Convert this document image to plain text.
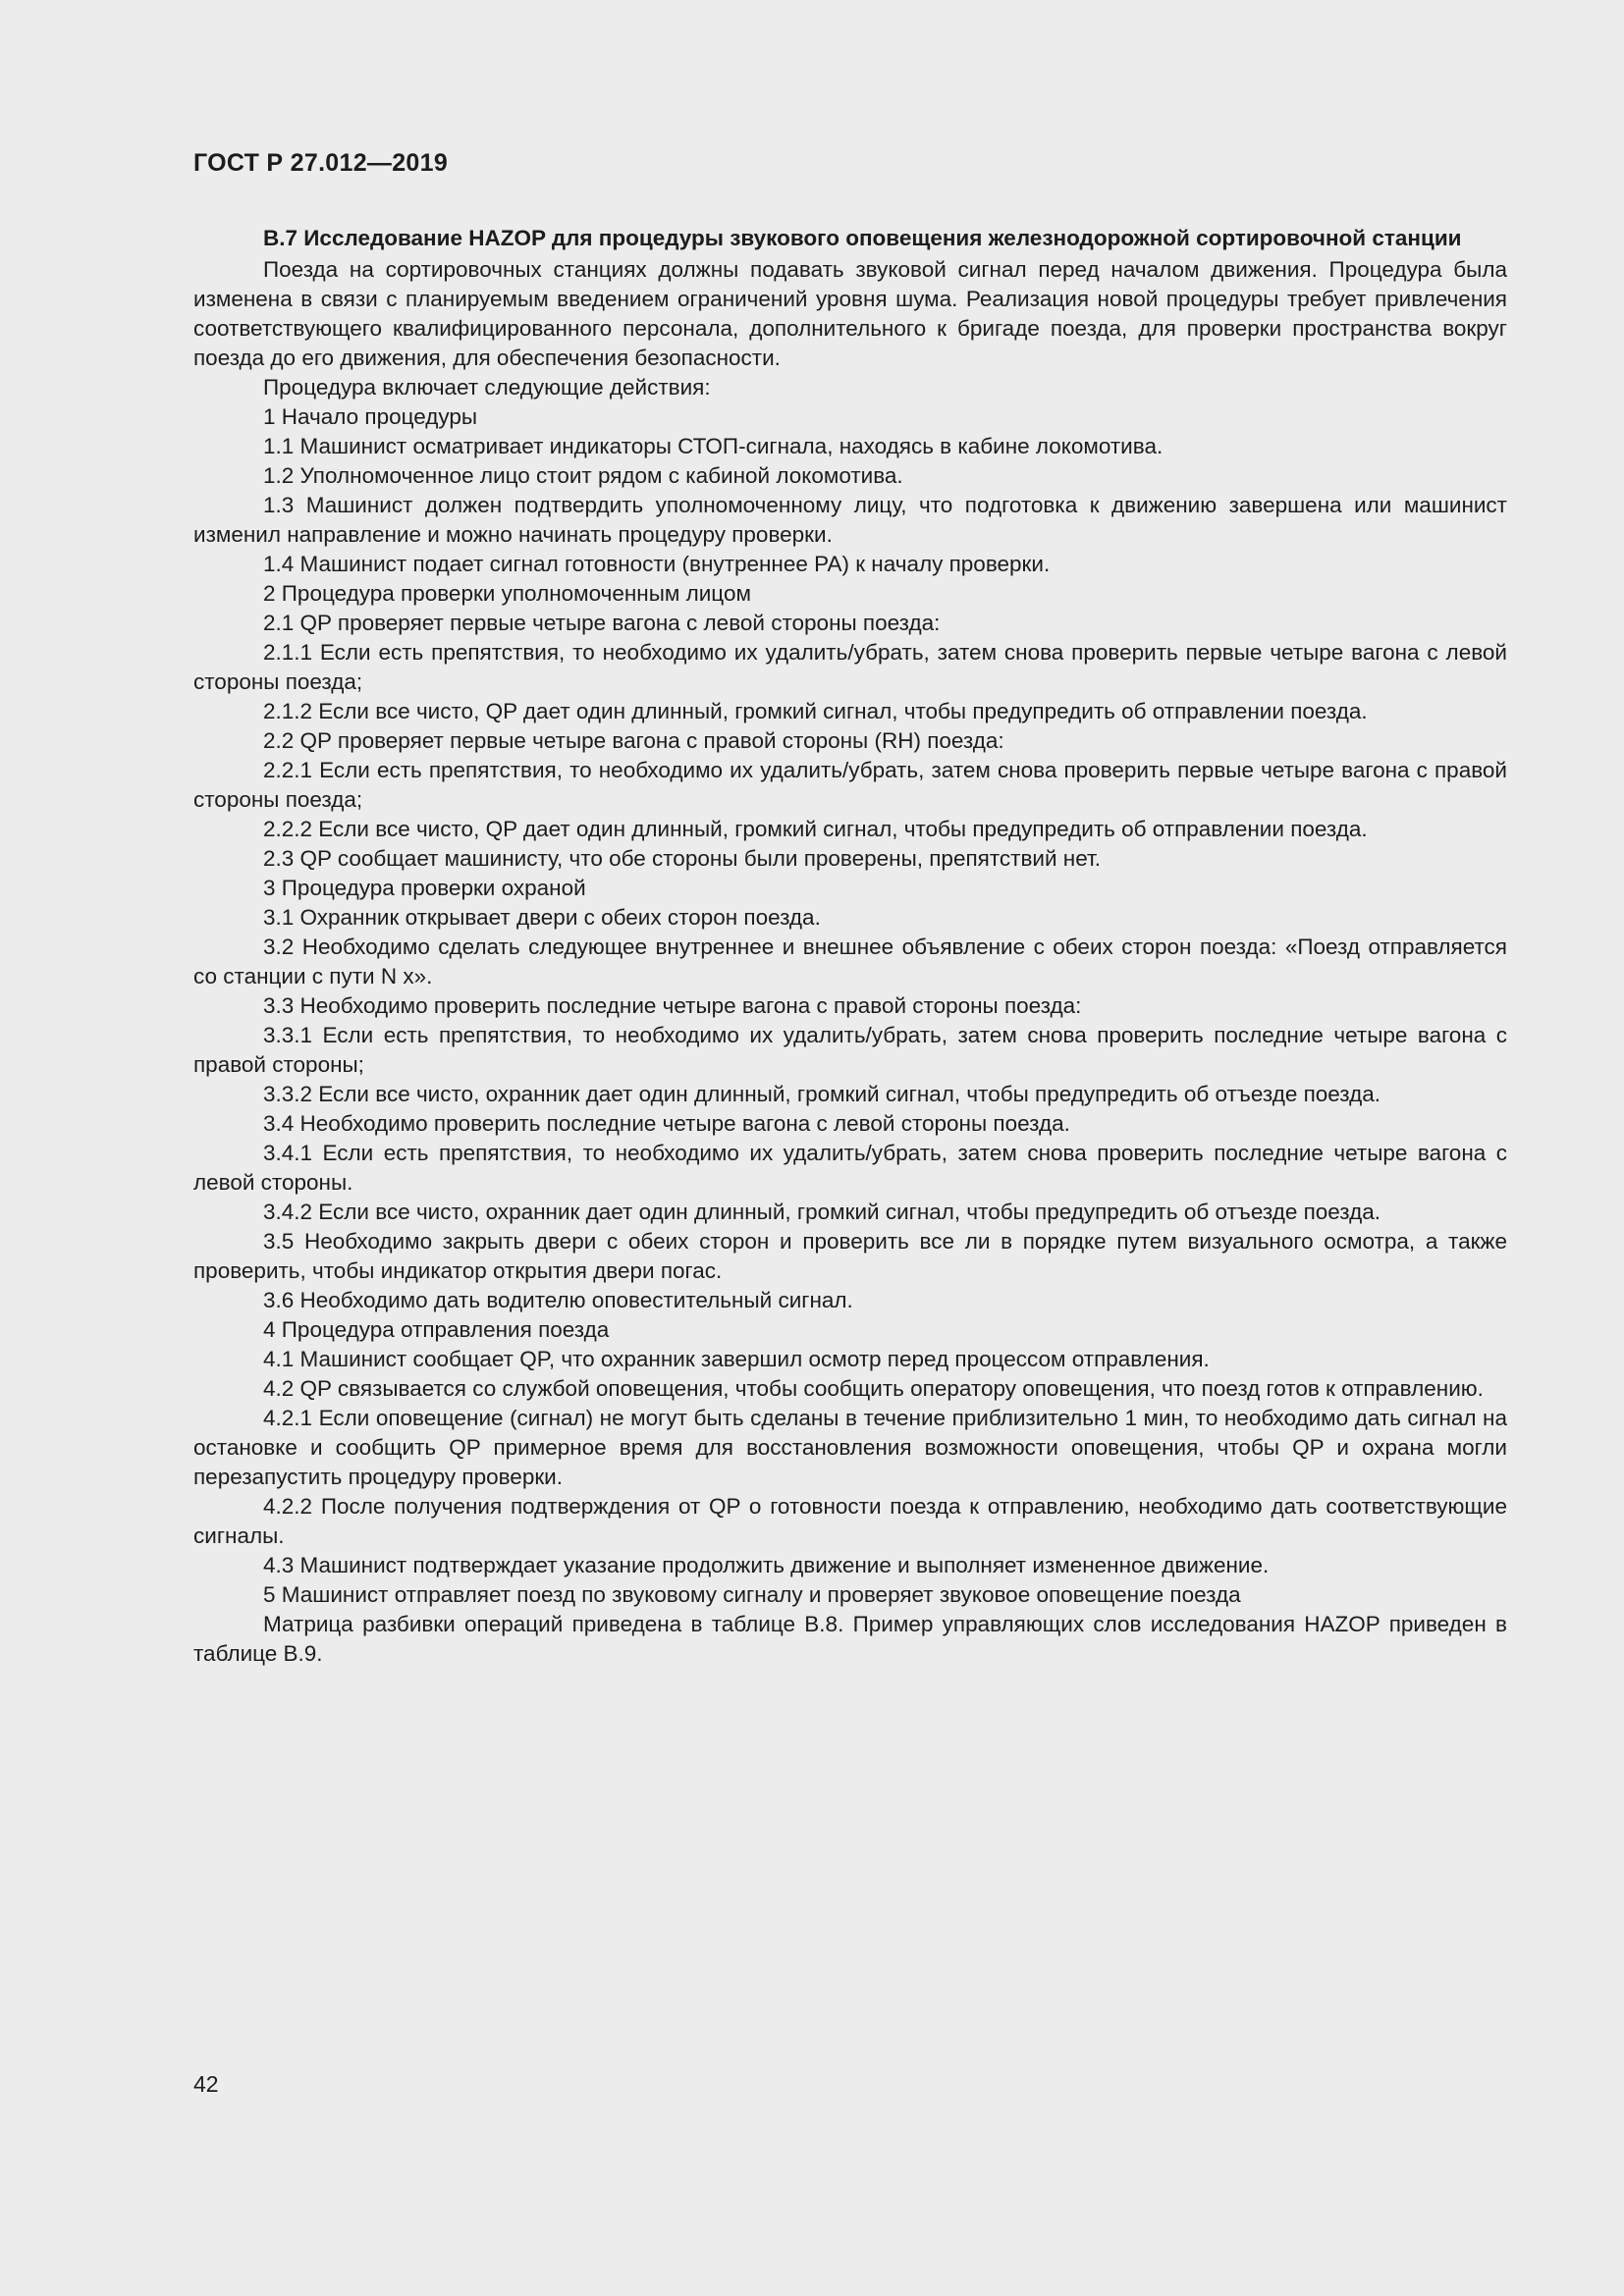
ГОСТ Р 27.012—2019
B.7 Исследование HAZOP для процедуры звукового оповещения железнодорожной сортировочной станции

Поезда на сортировочных станциях должны подавать звуковой сигнал перед началом движения. Процедура была изменена в связи с планируемым введением ограничений уровня шума. Реализация новой процедуры требует привлечения соответствующего квалифицированного персонала, дополнительного к бригаде поезда, для проверки пространства вокруг поезда до его движения, для обеспечения безопасности.

Процедура включает следующие действия:

1 Начало процедуры

1.1 Машинист осматривает индикаторы СТОП-сигнала, находясь в кабине локомотива.

1.2 Уполномоченное лицо стоит рядом с кабиной локомотива.

1.3 Машинист должен подтвердить уполномоченному лицу, что подготовка к движению завершена или машинист изменил направление и можно начинать процедуру проверки.

1.4 Машинист подает сигнал готовности (внутреннее PA) к началу проверки.

2 Процедура проверки уполномоченным лицом

2.1 QP проверяет первые четыре вагона с левой стороны поезда:

2.1.1 Если есть препятствия, то необходимо их удалить/убрать, затем снова проверить первые четыре вагона с левой стороны поезда;

2.1.2 Если все чисто, QP дает один длинный, громкий сигнал, чтобы предупредить об отправлении поезда.

2.2 QP проверяет первые четыре вагона с правой стороны (RH) поезда:

2.2.1 Если есть препятствия, то необходимо их удалить/убрать, затем снова проверить первые четыре вагона с правой стороны поезда;

2.2.2 Если все чисто, QP дает один длинный, громкий сигнал, чтобы предупредить об отправлении поезда.

2.3 QP сообщает машинисту, что обе стороны были проверены, препятствий нет.

3 Процедура проверки охраной

3.1 Охранник открывает двери с обеих сторон поезда.

3.2 Необходимо сделать следующее внутреннее и внешнее объявление с обеих сторон поезда: «Поезд отправляется со станции с пути N x».

3.3 Необходимо проверить последние четыре вагона с правой стороны поезда:

3.3.1 Если есть препятствия, то необходимо их удалить/убрать, затем снова проверить последние четыре вагона с правой стороны;

3.3.2 Если все чисто, охранник дает один длинный, громкий сигнал, чтобы предупредить об отъезде поезда.

3.4 Необходимо проверить последние четыре вагона с левой стороны поезда.

3.4.1 Если есть препятствия, то необходимо их удалить/убрать, затем снова проверить последние четыре вагона с левой стороны.

3.4.2 Если все чисто, охранник дает один длинный, громкий сигнал, чтобы предупредить об отъезде поезда.

3.5 Необходимо закрыть двери с обеих сторон и проверить все ли в порядке путем визуального осмотра, а также проверить, чтобы индикатор открытия двери погас.

3.6 Необходимо дать водителю оповестительный сигнал.

4 Процедура отправления поезда

4.1 Машинист сообщает QP, что охранник завершил осмотр перед процессом отправления.

4.2 QP связывается со службой оповещения, чтобы сообщить оператору оповещения, что поезд готов к отправлению.

4.2.1 Если оповещение (сигнал) не могут быть сделаны в течение приблизительно 1 мин, то необходимо дать сигнал на остановке и сообщить QP примерное время для восстановления возможности оповещения, чтобы QP и охрана могли перезапустить процедуру проверки.

4.2.2 После получения подтверждения от QP о готовности поезда к отправлению, необходимо дать соответствующие сигналы.

4.3 Машинист подтверждает указание продолжить движение и выполняет измененное движение.

5 Машинист отправляет поезд по звуковому сигналу и проверяет звуковое оповещение поезда

Матрица разбивки операций приведена в таблице B.8. Пример управляющих слов исследования HAZOP приведен в таблице B.9.

42
